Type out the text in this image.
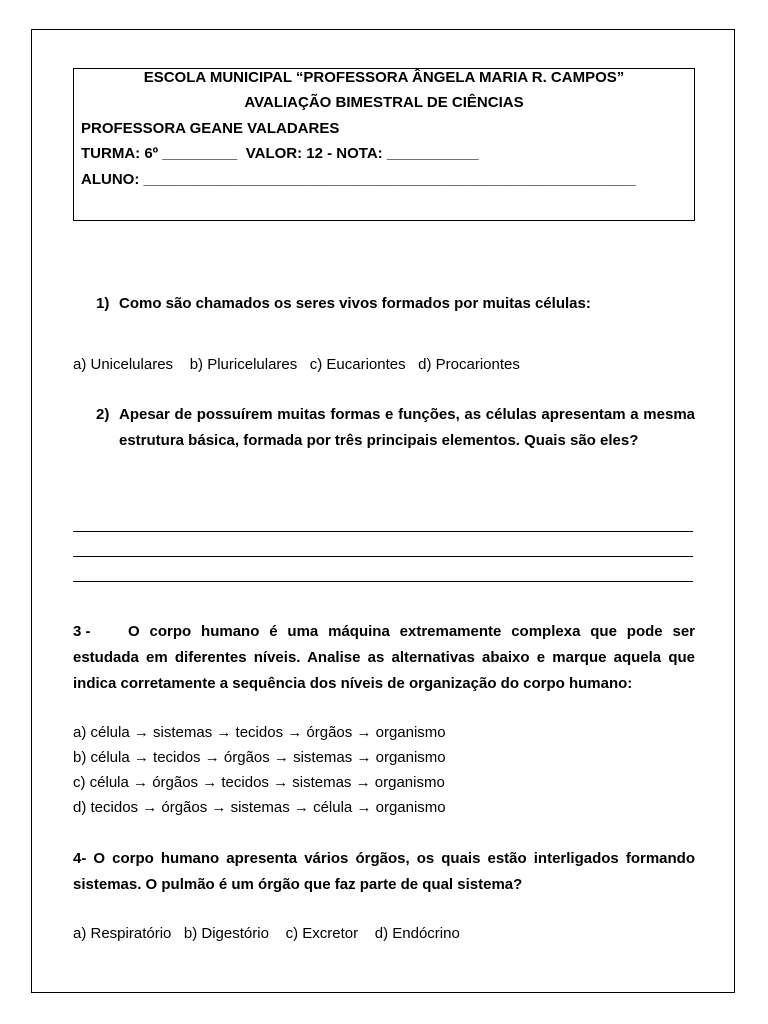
ESCOLA MUNICIPAL “PROFESSORA ÂNGELA MARIA R. CAMPOS”
AVALIAÇÃO BIMESTRAL DE CIÊNCIAS
PROFESSORA GEANE VALADARES
TURMA: 6º _________  VALOR: 12 - NOTA: ___________
ALUNO: ___________________________________________________________
1) Como são chamados os seres vivos formados por muitas células:
a) Unicelulares    b) Pluricelulares   c) Eucariontes   d) Procariontes
2) Apesar de possuírem muitas formas e funções, as células apresentam a mesma estrutura básica, formada por três principais elementos. Quais são eles?
3 - O corpo humano é uma máquina extremamente complexa que pode ser estudada em diferentes níveis. Analise as alternativas abaixo e marque aquela que indica corretamente a sequência dos níveis de organização do corpo humano:
a) célula → sistemas → tecidos → órgãos → organismo
b) célula → tecidos → órgãos → sistemas → organismo
c) célula → órgãos → tecidos → sistemas → organismo
d) tecidos → órgãos → sistemas → célula → organismo
4- O corpo humano apresenta vários órgãos, os quais estão interligados formando sistemas. O pulmão é um órgão que faz parte de qual sistema?
a) Respiratório   b) Digestório    c) Excretor    d) Endócrino
